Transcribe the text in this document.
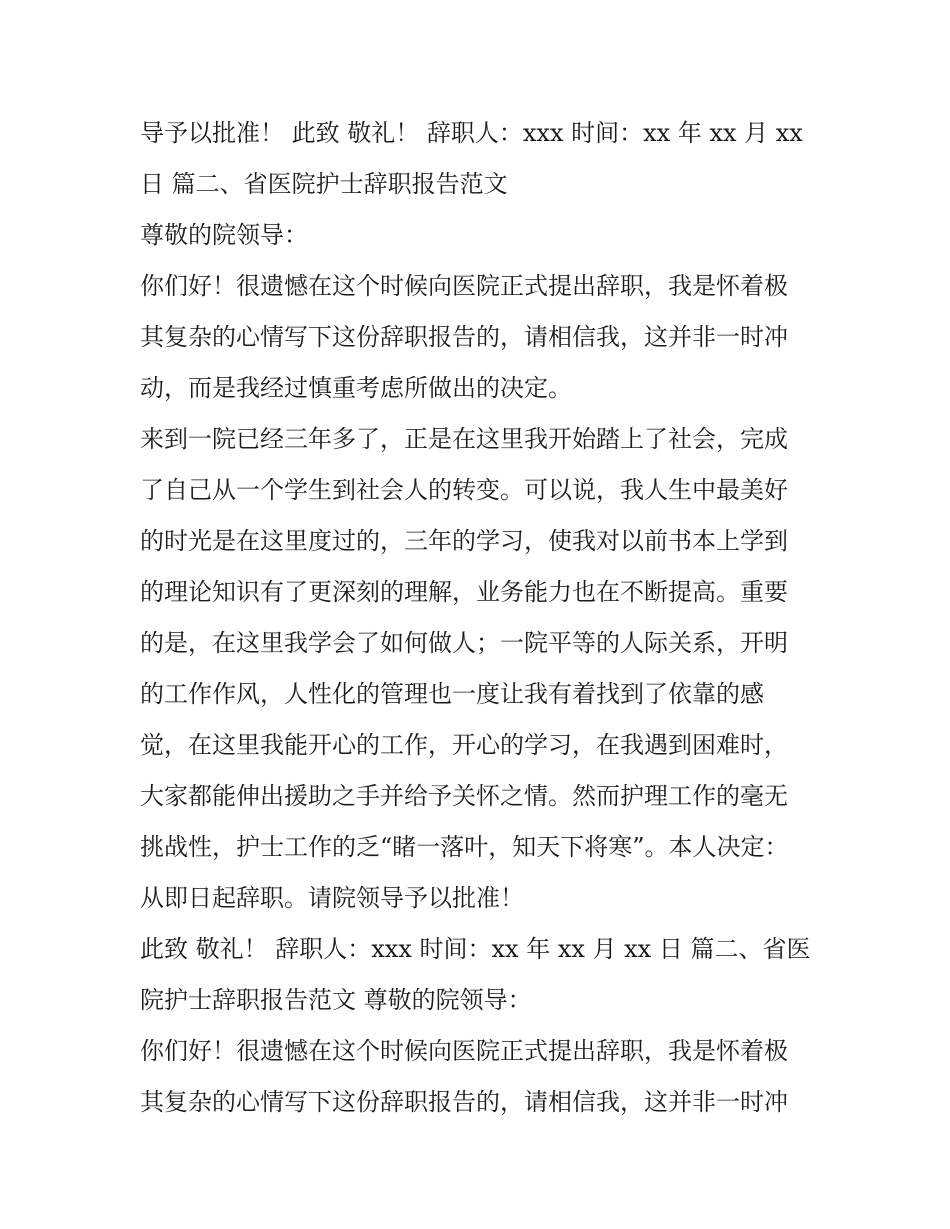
导予以批准！ 此致 敬礼！ 辞职人：xxx 时间：xx 年 xx 月 xx
日 篇二、省医院护士辞职报告范文
尊敬的院领导：
你们好！很遗憾在这个时候向医院正式提出辞职，我是怀着极
其复杂的心情写下这份辞职报告的，请相信我，这并非一时冲
动，而是我经过慎重考虑所做出的决定。
来到一院已经三年多了，正是在这里我开始踏上了社会，完成
了自己从一个学生到社会人的转变。可以说，我人生中最美好
的时光是在这里度过的，三年的学习，使我对以前书本上学到
的理论知识有了更深刻的理解，业务能力也在不断提高。重要
的是，在这里我学会了如何做人；一院平等的人际关系，开明
的工作作风，人性化的管理也一度让我有着找到了依靠的感
觉，在这里我能开心的工作，开心的学习，在我遇到困难时，
大家都能伸出援助之手并给予关怀之情。然而护理工作的毫无
挑战性，护士工作的乏“睹一落叶，知天下将寒”。本人决定：
从即日起辞职。请院领导予以批准！
此致 敬礼！ 辞职人：xxx 时间：xx 年 xx 月 xx 日 篇二、省医
院护士辞职报告范文 尊敬的院领导：
你们好！很遗憾在这个时候向医院正式提出辞职，我是怀着极
其复杂的心情写下这份辞职报告的，请相信我，这并非一时冲
